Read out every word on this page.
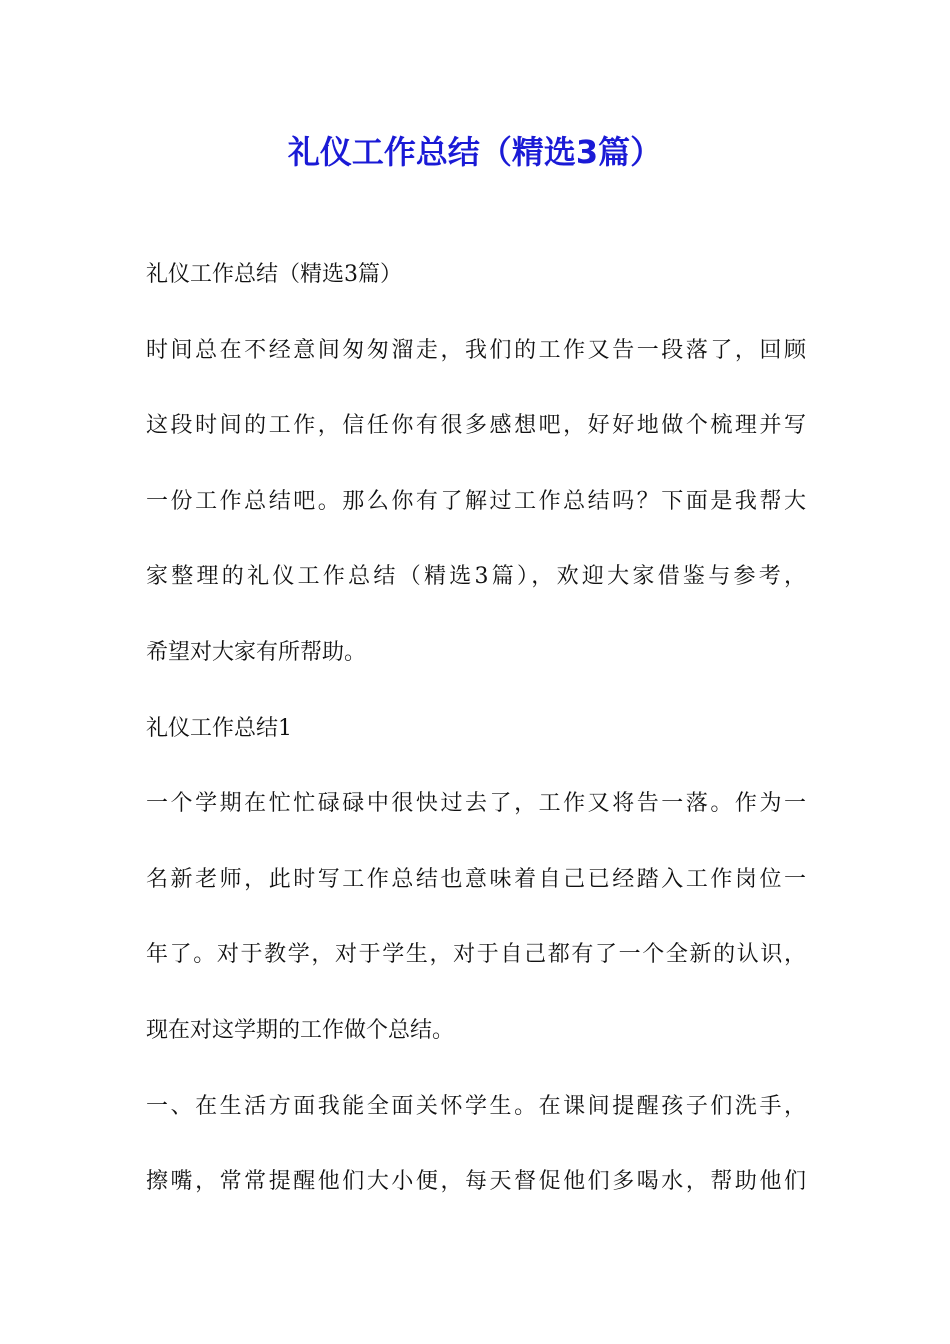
礼仪工作总结（精选3篇）
礼仪工作总结（精选3篇）
时间总在不经意间匆匆溜走，我们的工作又告一段落了，回顾
这段时间的工作，信任你有很多感想吧，好好地做个梳理并写
一份工作总结吧。那么你有了解过工作总结吗？下面是我帮大
家整理的礼仪工作总结（精选3篇），欢迎大家借鉴与参考，
希望对大家有所帮助。
礼仪工作总结1
一个学期在忙忙碌碌中很快过去了，工作又将告一落。作为一
名新老师，此时写工作总结也意味着自己已经踏入工作岗位一
年了。对于教学，对于学生，对于自己都有了一个全新的认识，
现在对这学期的工作做个总结。
一、在生活方面我能全面关怀学生。在课间提醒孩子们洗手，
擦嘴，常常提醒他们大小便，每天督促他们多喝水，帮助他们
